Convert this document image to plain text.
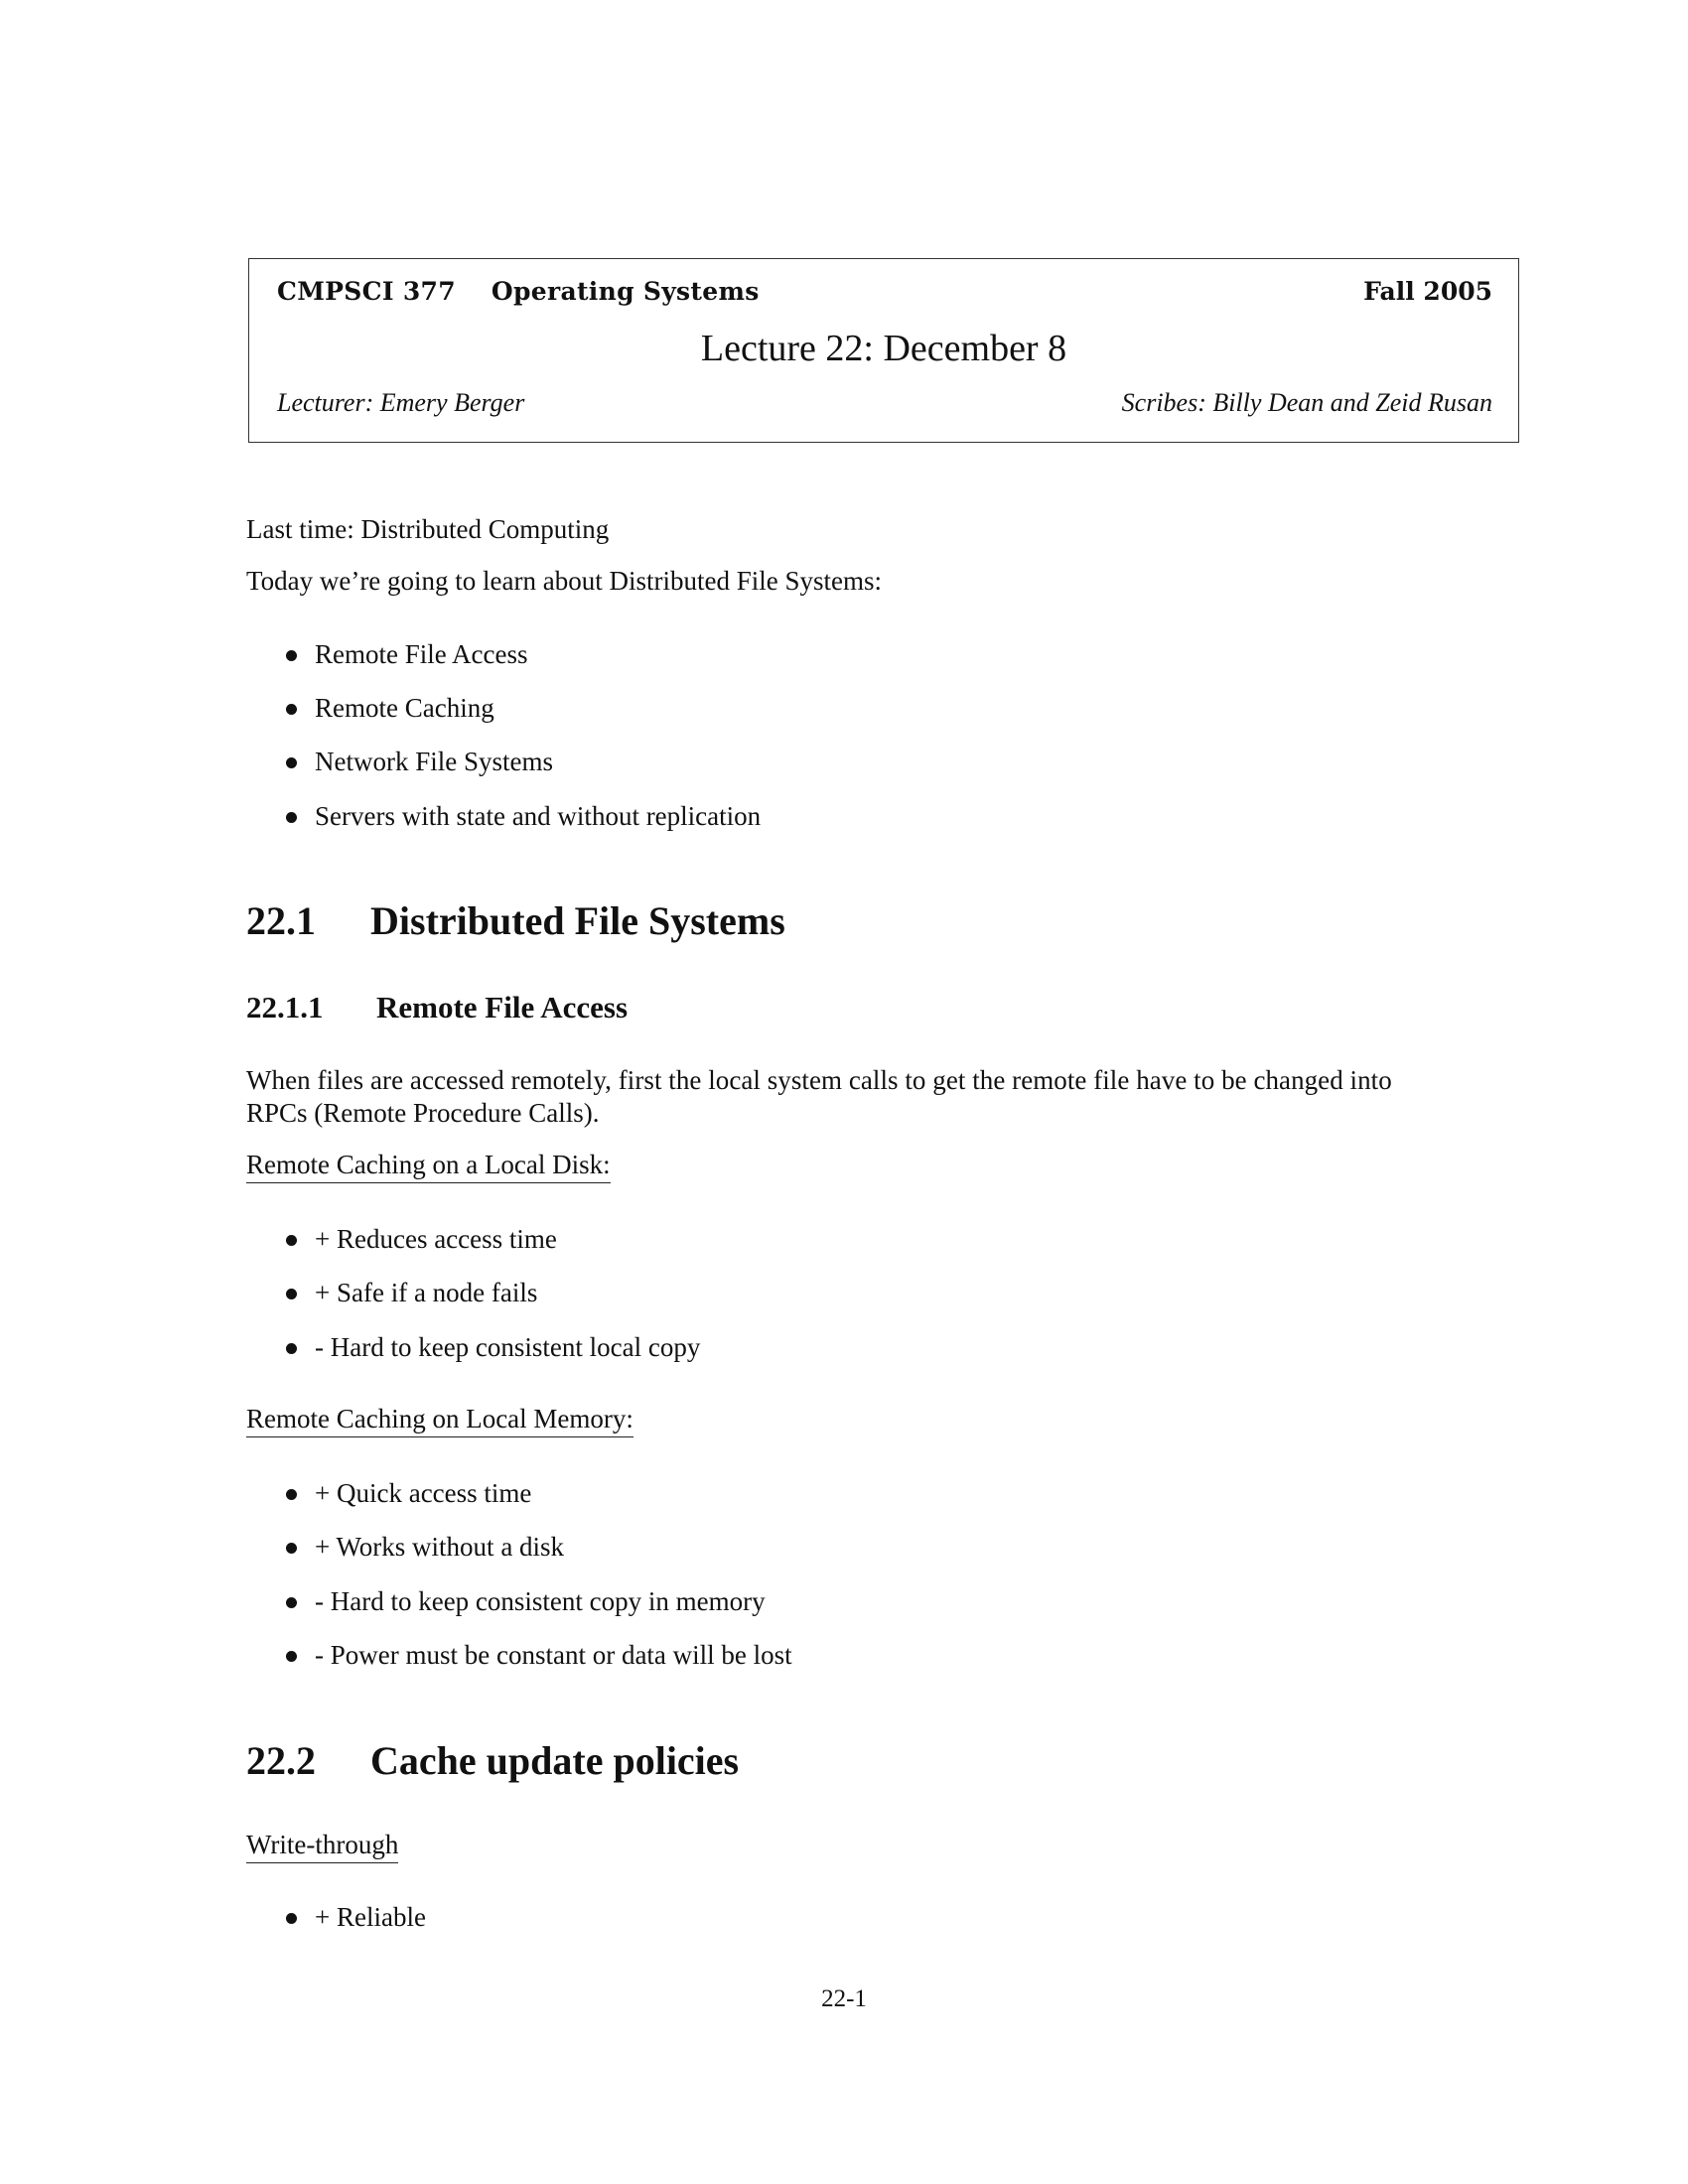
CMPSCI 377    Operating Systems	Fall 2005
Lecture 22: December 8
Lecturer: Emery Berger	Scribes: Billy Dean and Zeid Rusan
Last time: Distributed Computing
Today we’re going to learn about Distributed File Systems:
Remote File Access
Remote Caching
Network File Systems
Servers with state and without replication
22.1 Distributed File Systems
22.1.1 Remote File Access
When files are accessed remotely, first the local system calls to get the remote file have to be changed into
RPCs (Remote Procedure Calls).
Remote Caching on a Local Disk:
+ Reduces access time
+ Safe if a node fails
- Hard to keep consistent local copy
Remote Caching on Local Memory:
+ Quick access time
+ Works without a disk
- Hard to keep consistent copy in memory
- Power must be constant or data will be lost
22.2 Cache update policies
Write-through
+ Reliable
22-1
